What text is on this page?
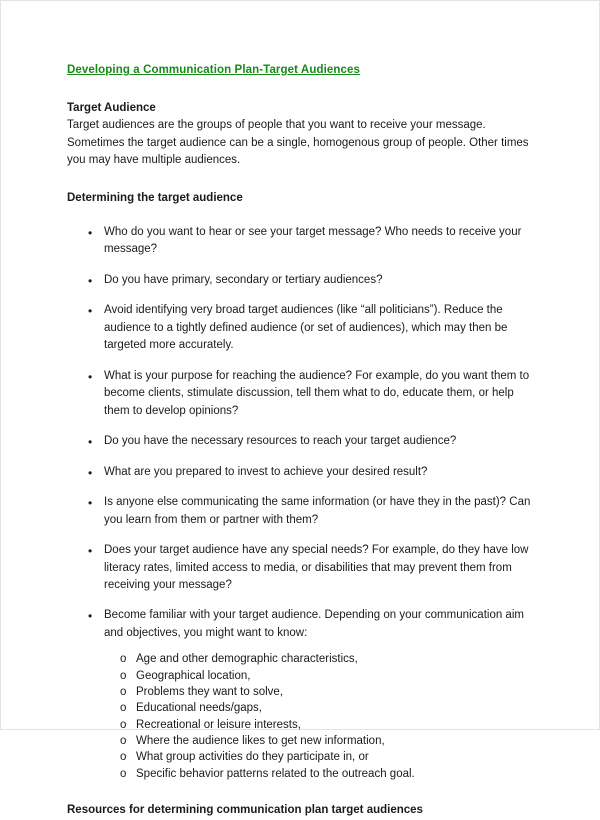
Developing a Communication Plan-Target Audiences
Target Audience

Target audiences are the groups of people that you want to receive your message. Sometimes the target audience can be a single, homogenous group of people. Other times you may have multiple audiences.

Determining the target audience
• Who do you want to hear or see your target message? Who needs to receive your message?
• Do you have primary, secondary or tertiary audiences?
• Avoid identifying very broad target audiences (like “all politicians”). Reduce the audience to a tightly defined audience (or set of audiences), which may then be targeted more accurately.
• What is your purpose for reaching the audience? For example, do you want them to become clients, stimulate discussion, tell them what to do, educate them, or help them to develop opinions?
• Do you have the necessary resources to reach your target audience?
• What are you prepared to invest to achieve your desired result?
• Is anyone else communicating the same information (or have they in the past)? Can you learn from them or partner with them?
• Does your target audience have any special needs? For example, do they have low literacy rates, limited access to media, or disabilities that may prevent them from receiving your message?
• Become familiar with your target audience. Depending on your communication aim and objectives, you might want to know:
o Age and other demographic characteristics,
o Geographical location,
o Problems they want to solve,
o Educational needs/gaps,
o Recreational or leisure interests,
o Where the audience likes to get new information,
o What group activities do they participate in, or
o Specific behavior patterns related to the outreach goal.
Resources for determining communication plan target audiences
